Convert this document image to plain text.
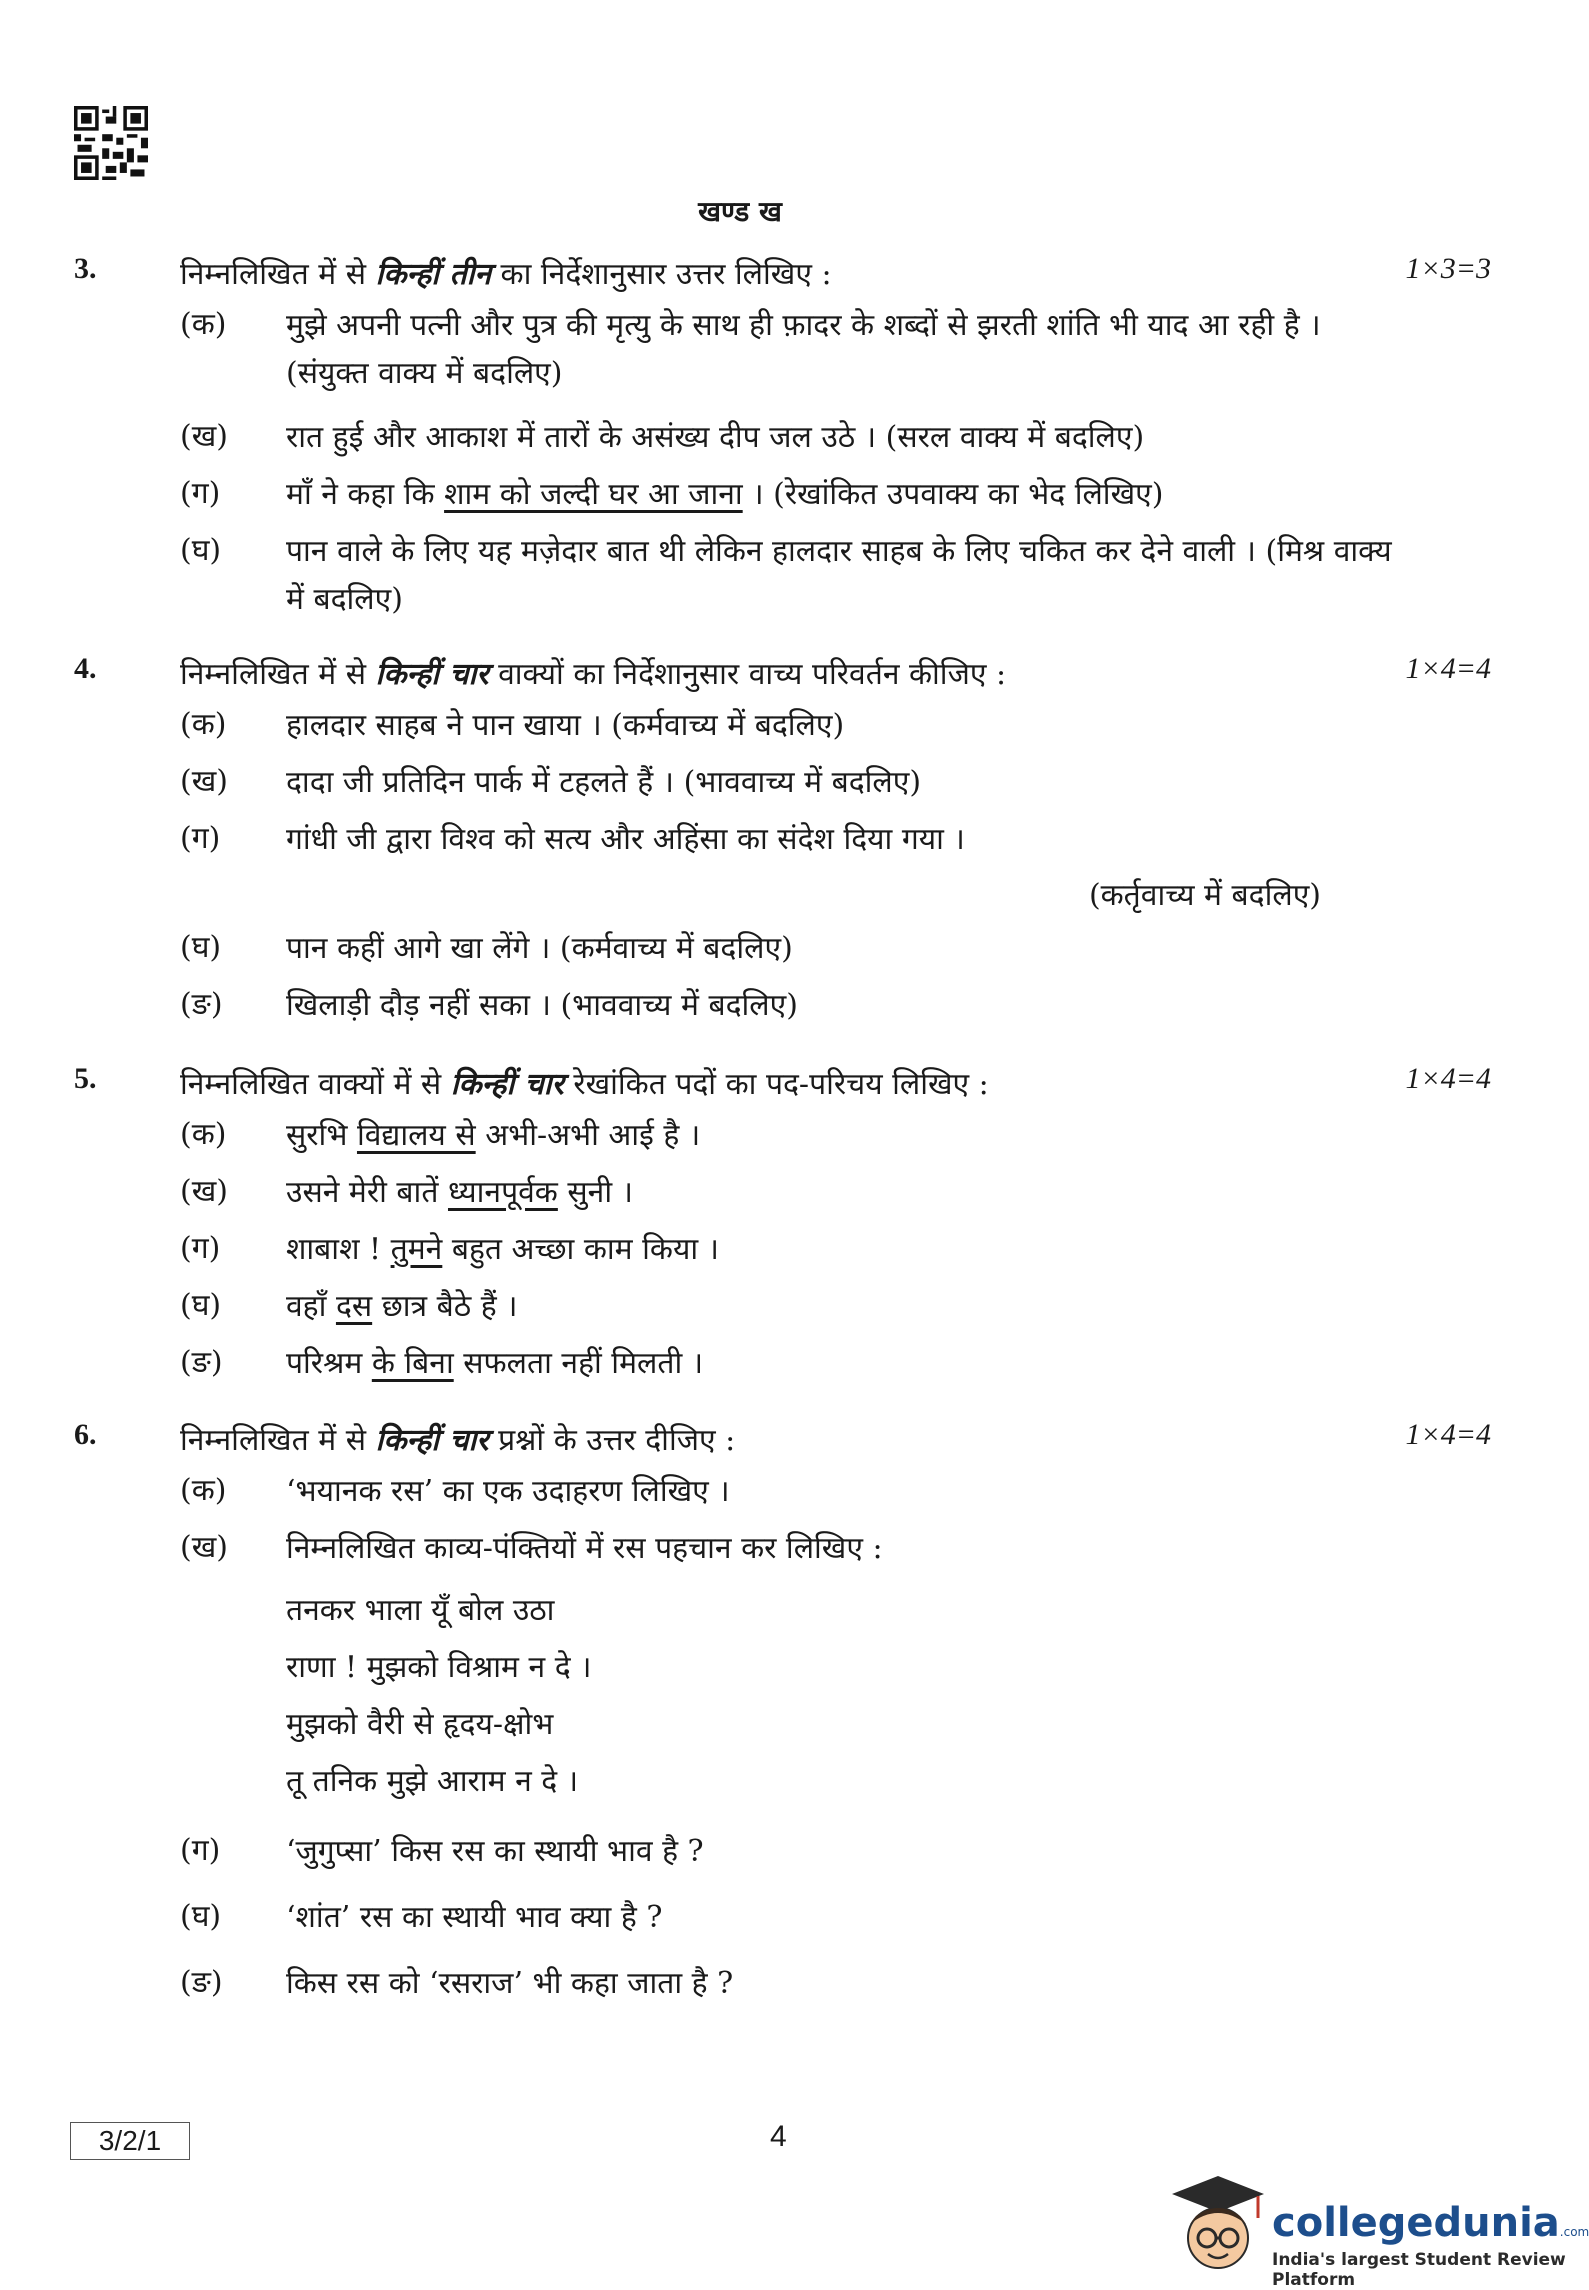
खण्ड ख
3.	निम्नलिखित में से किन्हीं तीन का निर्देशानुसार उत्तर लिखिए :	1×3=3
(क) मुझे अपनी पत्नी और पुत्र की मृत्यु के साथ ही फ़ादर के शब्दों से झरती शांति भी याद आ रही है । (संयुक्त वाक्य में बदलिए)
(ख) रात हुई और आकाश में तारों के असंख्य दीप जल उठे । (सरल वाक्य में बदलिए)
(ग) माँ ने कहा कि शाम को जल्दी घर आ जाना । (रेखांकित उपवाक्य का भेद लिखिए)
(घ) पान वाले के लिए यह मज़ेदार बात थी लेकिन हालदार साहब के लिए चकित कर देने वाली । (मिश्र वाक्य में बदलिए)
4.	निम्नलिखित में से किन्हीं चार वाक्यों का निर्देशानुसार वाच्य परिवर्तन कीजिए :	1×4=4
(क) हालदार साहब ने पान खाया । (कर्मवाच्य में बदलिए)
(ख) दादा जी प्रतिदिन पार्क में टहलते हैं । (भाववाच्य में बदलिए)
(ग) गांधी जी द्वारा विश्व को सत्य और अहिंसा का संदेश दिया गया ।
(कर्तृवाच्य में बदलिए)
(घ) पान कहीं आगे खा लेंगे । (कर्मवाच्य में बदलिए)
(ङ) खिलाड़ी दौड़ नहीं सका । (भाववाच्य में बदलिए)
5.	निम्नलिखित वाक्यों में से किन्हीं चार रेखांकित पदों का पद-परिचय लिखिए :	1×4=4
(क) सुरभि विद्यालय से अभी-अभी आई है ।
(ख) उसने मेरी बातें ध्यानपूर्वक सुनी ।
(ग) शाबाश ! तुमने बहुत अच्छा काम किया ।
(घ) वहाँ दस छात्र बैठे हैं ।
(ङ) परिश्रम के बिना सफलता नहीं मिलती ।
6.	निम्नलिखित में से किन्हीं चार प्रश्नों के उत्तर दीजिए :	1×4=4
(क) ‘भयानक रस’ का एक उदाहरण लिखिए ।
(ख) निम्नलिखित काव्य-पंक्तियों में रस पहचान कर लिखिए :
तनकर भाला यूँ बोल उठा
राणा ! मुझको विश्राम न दे ।
मुझको वैरी से हृदय-क्षोभ
तू तनिक मुझे आराम न दे ।
(ग) ‘जुगुप्सा’ किस रस का स्थायी भाव है ?
(घ) ‘शांत’ रस का स्थायी भाव क्या है ?
(ङ) किस रस को ‘रसराज’ भी कहा जाता है ?
3/2/1	4
collegedunia.com
India's largest Student Review Platform
